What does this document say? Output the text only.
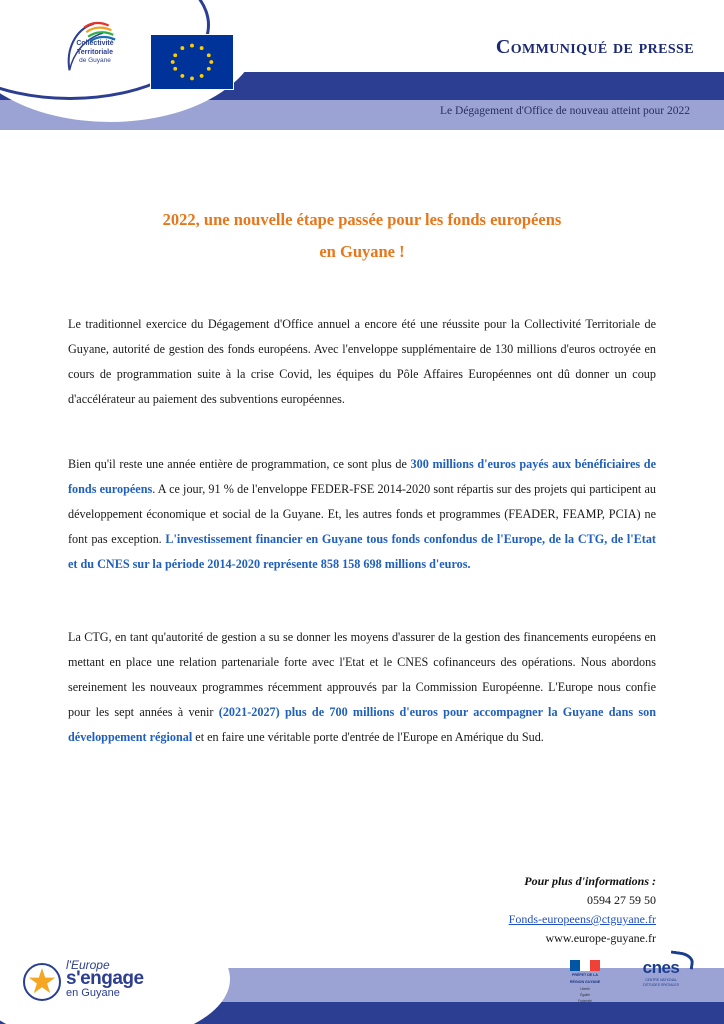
Collectivité
Territoriale
de Guyane
Communiqué de presse
Le Dégagement d'Office de nouveau atteint pour 2022
2022, une nouvelle étape passée pour les fonds européens
en Guyane !

Le traditionnel exercice du Dégagement d'Office annuel a encore été une réussite pour la Collectivité Territoriale de Guyane, autorité de gestion des fonds européens. Avec l'enveloppe supplémentaire de 130 millions d'euros octroyée en cours de programmation suite à la crise Covid, les équipes du Pôle Affaires Européennes ont dû donner un coup d'accélérateur au paiement des subventions européennes.

Bien qu'il reste une année entière de programmation, ce sont plus de 300 millions d'euros payés aux bénéficiaires de fonds européens. A ce jour, 91 % de l'enveloppe FEDER-FSE 2014-2020 sont répartis sur des projets qui participent au développement économique et social de la Guyane. Et, les autres fonds et programmes (FEADER, FEAMP, PCIA) ne font pas exception. L'investissement financier en Guyane tous fonds confondus de l'Europe, de la CTG, de l'Etat et du CNES sur la période 2014-2020 représente 858 158 698 millions d'euros.

La CTG, en tant qu'autorité de gestion a su se donner les moyens d'assurer de la gestion des financements européens en mettant en place une relation partenariale forte avec l'Etat et le CNES cofinanceurs des opérations. Nous abordons sereinement les nouveaux programmes récemment approuvés par la Commission Européenne. L'Europe nous confie pour les sept années à venir (2021-2027) plus de 700 millions d'euros pour accompagner la Guyane dans son développement régional et en faire une véritable porte d'entrée de l'Europe en Amérique du Sud.

Pour plus d'informations :
0594 27 59 50
Fonds-europeens@ctguyane.fr
www.europe-guyane.fr
l'Europe
s'engage
en Guyane
PRÉFET DE LA
RÉGION GUYANE
Liberté
Égalité
Fraternité
cnes
CENTRE NATIONAL
D'ÉTUDES SPATIALES
